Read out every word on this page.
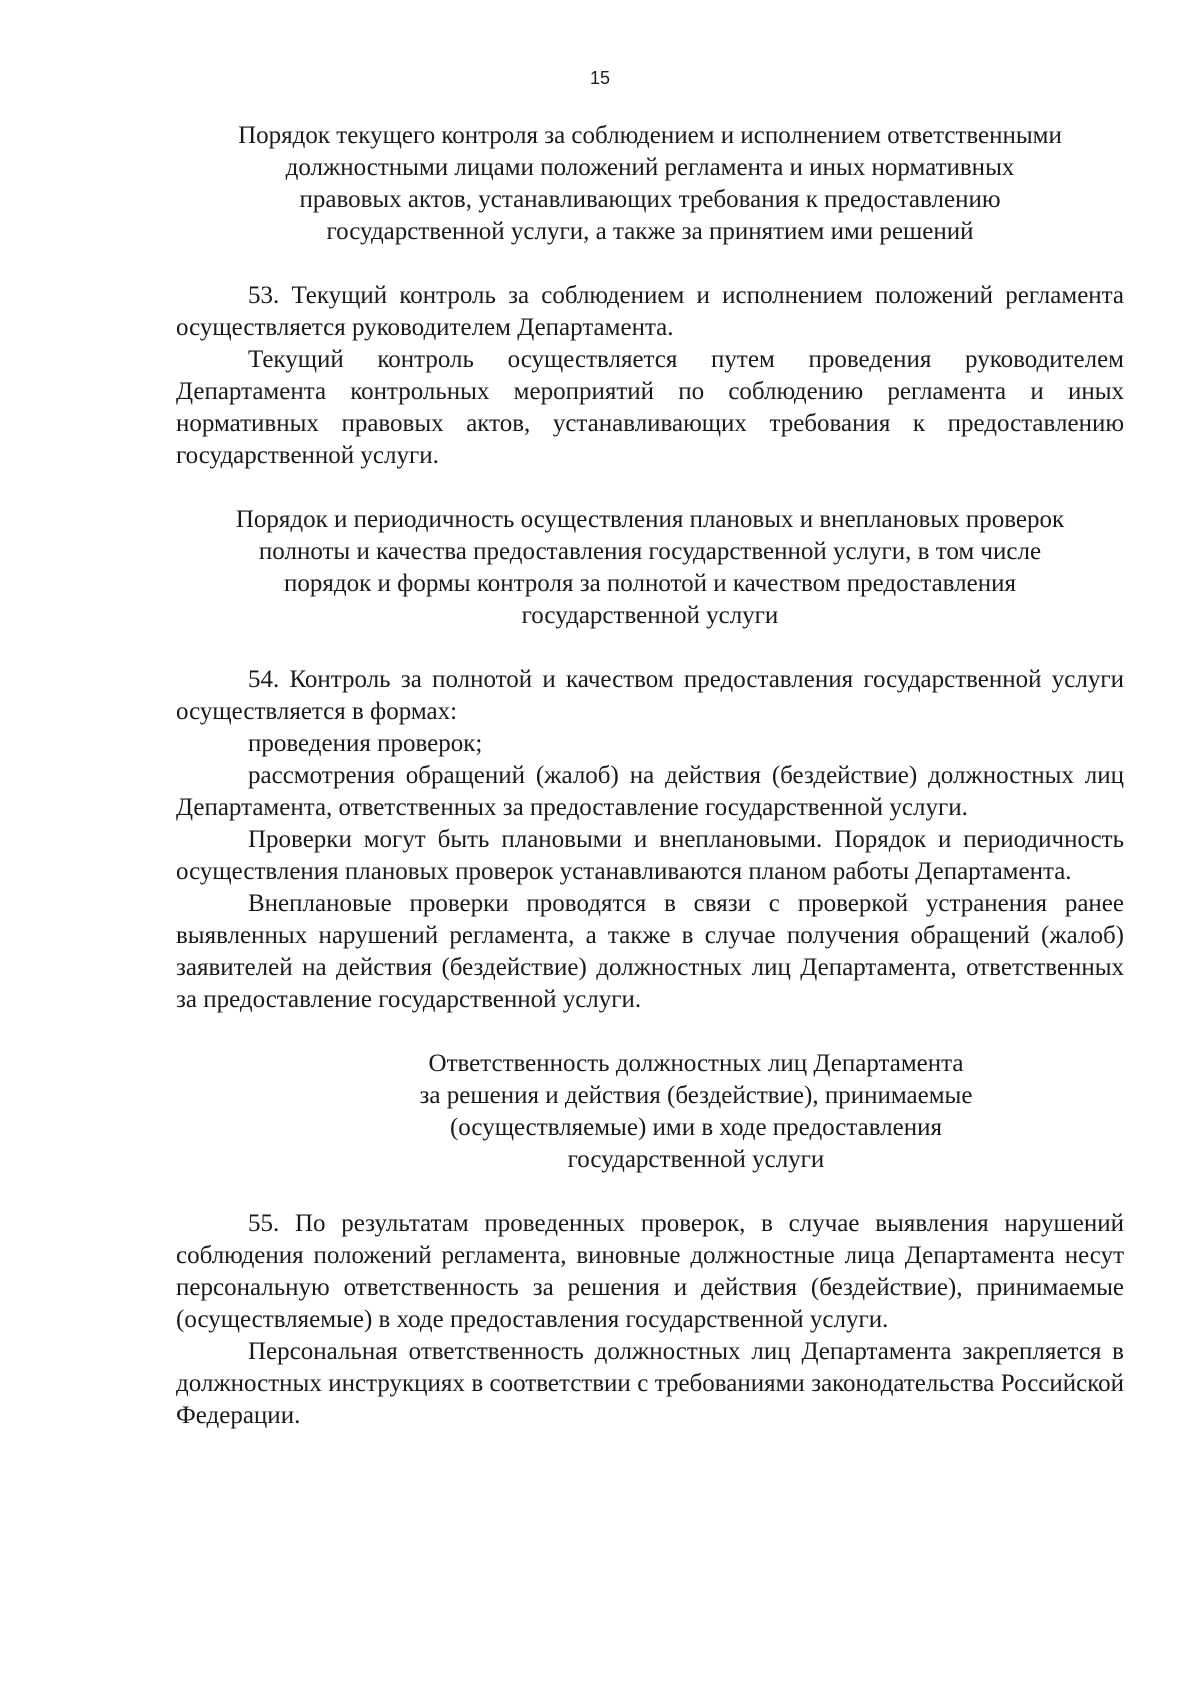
15
Порядок текущего контроля за соблюдением и исполнением ответственными
должностными лицами положений регламента и иных нормативных
правовых актов, устанавливающих требования к предоставлению
государственной услуги, а также за принятием ими решений

53. Текущий контроль за соблюдением и исполнением положений регламента осуществляется руководителем Департамента.

Текущий контроль осуществляется путем проведения руководителем Департамента контрольных мероприятий по соблюдению регламента и иных нормативных правовых актов, устанавливающих требования к предоставлению государственной услуги.

Порядок и периодичность осуществления плановых и внеплановых проверок
полноты и качества предоставления государственной услуги, в том числе
порядок и формы контроля за полнотой и качеством предоставления
государственной услуги

54. Контроль за полнотой и качеством предоставления государственной услуги осуществляется в формах:

проведения проверок;

рассмотрения обращений (жалоб) на действия (бездействие) должностных лиц Департамента, ответственных за предоставление государственной услуги.

Проверки могут быть плановыми и внеплановыми. Порядок и периодичность осуществления плановых проверок устанавливаются планом работы Департамента.

Внеплановые проверки проводятся в связи с проверкой устранения ранее выявленных нарушений регламента, а также в случае получения обращений (жалоб) заявителей на действия (бездействие) должностных лиц Департамента, ответственных за предоставление государственной услуги.

Ответственность должностных лиц Департамента
за решения и действия (бездействие), принимаемые
(осуществляемые) ими в ходе предоставления
государственной услуги

55. По результатам проведенных проверок, в случае выявления нарушений соблюдения положений регламента, виновные должностные лица Департамента несут персональную ответственность за решения и действия (бездействие), принимаемые (осуществляемые) в ходе предоставления государственной услуги.

Персональная ответственность должностных лиц Департамента закрепляется в должностных инструкциях в соответствии с требованиями законодательства Российской Федерации.
